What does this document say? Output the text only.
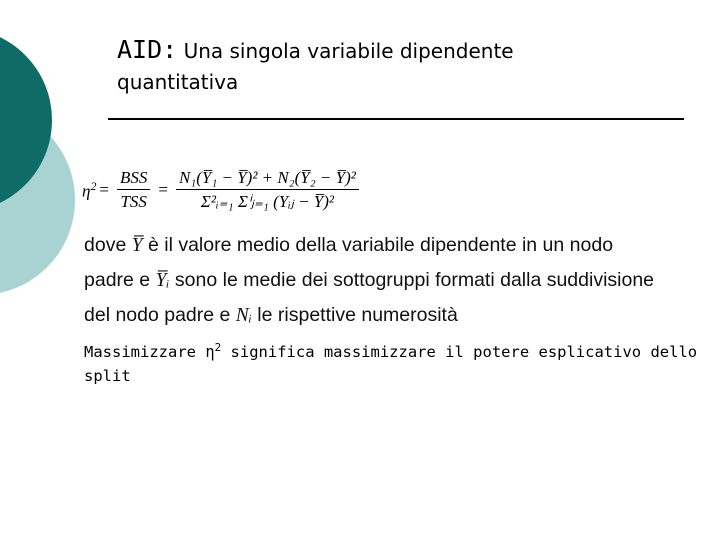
AID: Una singola variabile dipendente
quantitativa
$\eta^2 = \frac{\text{BSS}}{\text{TSS}} = \frac{\text{N₁(Y̅₁ − Y̅)² + N₂(Y̅₂ − Y̅)²}}{\text{Σ²ᵢ₌₁ Σⁱⱼ₌₁ (Yᵢⱼ − Y̅)²}}$
dove Y̅ è il valore medio della variabile dipendente in un nodo
padre e Y̅ᵢ sono le medie dei sottogruppi formati dalla suddivisione
del nodo padre e Nᵢ le rispettive numerosità
Massimizzare $\eta^2$ significa massimizzare il potere esplicativo dello split
